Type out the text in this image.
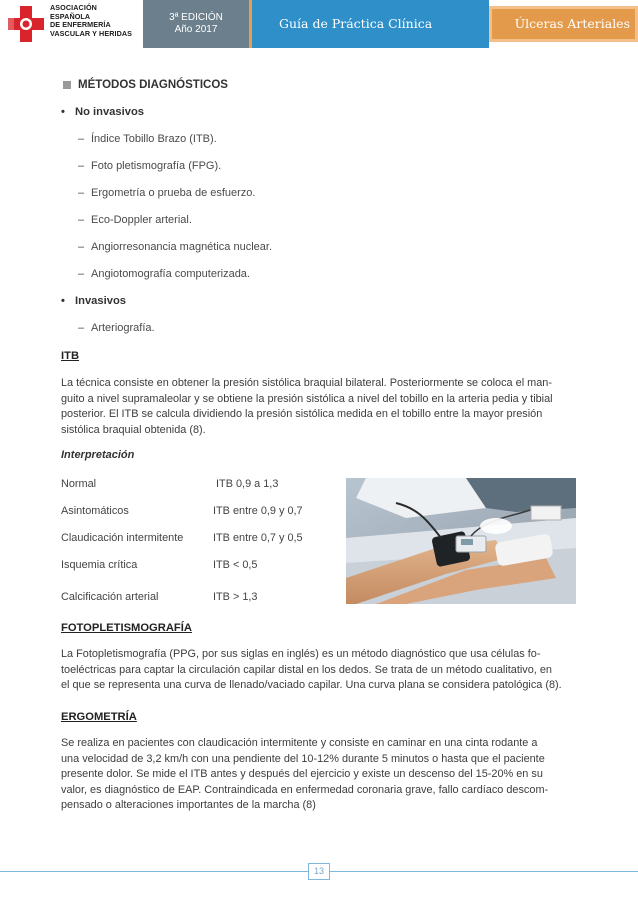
ASOCIACIÓN
ESPAÑOLA
DE ENFERMERÍA
VASCULAR Y HERIDAS
3ª EDICIÓN
Año 2017	Guía de Práctica Clínica	Úlceras Arteriales
MÉTODOS DIAGNÓSTICOS
• No invasivos
– Índice Tobillo Brazo (ITB).
– Foto pletismografía (FPG).
– Ergometría o prueba de esfuerzo.
– Eco-Doppler arterial.
– Angiorresonancia magnética nuclear.
– Angiotomografía computerizada.
• Invasivos
– Arteriografía.
ITB
La técnica consiste en obtener la presión sistólica braquial bilateral. Posteriormente se coloca el man-
guito a nivel supramaleolar y se obtiene la presión sistólica a nivel del tobillo en la arteria pedia y tibial
posterior. El ITB se calcula dividiendo la presión sistólica medida en el tobillo entre la mayor presión
sistólica braquial obtenida (8).
Interpretación
Normal	ITB 0,9 a 1,3
Asintomáticos	ITB entre 0,9 y 0,7
Claudicación intermitente	ITB entre 0,7 y 0,5
Isquemia crítica	ITB < 0,5
Calcificación arterial	ITB > 1,3
FOTOPLETISMOGRAFÍA
La Fotopletismografía (PPG, por sus siglas en inglés) es un método diagnóstico que usa células fo-
toeléctricas para captar la circulación capilar distal en los dedos. Se trata de un método cualitativo, en
el que se representa una curva de llenado/vaciado capilar. Una curva plana se considera patológica (8).
ERGOMETRÍA
Se realiza en pacientes con claudicación intermitente y consiste en caminar en una cinta rodante a
una velocidad de 3,2 km/h con una pendiente del 10-12% durante 5 minutos o hasta que el paciente
presente dolor. Se mide el ITB antes y después del ejercicio y existe un descenso del 15-20% en su
valor, es diagnóstico de EAP. Contraindicada en enfermedad coronaria grave, fallo cardíaco descom-
pensado o alteraciones importantes de la marcha (8)
13
